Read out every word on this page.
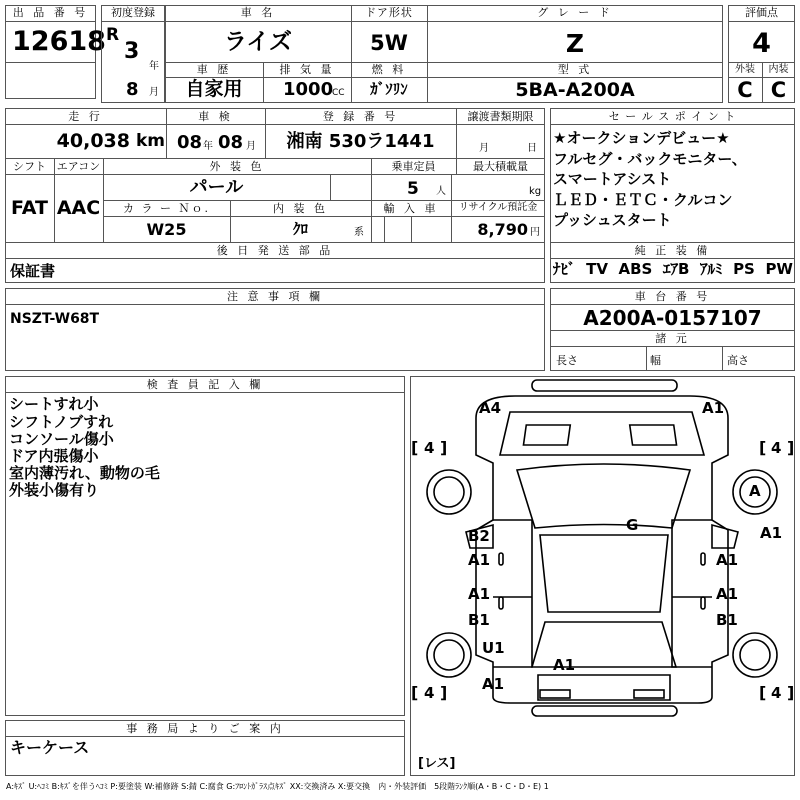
出 品 番 号
12618
初度登録
R
3
年
8 月
車 名
ライズ
ドア形状
5W
グ レ ー ド
Z
車 歴
自家用
排 気 量
1000
CC
燃 料
ｶﾞｿﾘﾝ
型 式
5BA-A200A
評価点
4
外装	内装
C C
走 行
40,038 km
車 検
08 年 08 月
登 録 番 号
湘南 530ラ1441
譲渡書類期限
月	日
シフト
FAT
エアコン
AAC
外 装 色
パール
乗車定員
5 人
最大積載量
kg
カ ラ ー Ｎｏ.
W25
内 装 色
ｸﾛ	系
輸 入 車	リサイクル預託金
8,790 円
後 日 発 送 部 品
保証書
セ ー ル ス ポ イ ン ト
★オークションデビュー★
フルセグ・バックモニター、
スマートアシスト
ＬＥＤ・ＥＴＣ・クルコン
プッシュスタート
純 正 装 備
ﾅﾋﾞ TV ABS ｴｱB ｱﾙﾐ PS PW
注 意 事 項 欄
NSZT-W68T
車 台 番 号
A200A-0157107
諸 元
長さ	幅	高さ
検 査 員 記 入 欄
シートすれ小
シフトノブすれ
コンソール傷小
ドア内張傷小
室内薄汚れ、動物の毛
外装小傷有り
事 務 局 よ り ご 案 内
キーケース
[ 4 ]	[ 4 ]
[ 4 ]	[ 4 ]
[レス]
A4	A1
A
G
B2	A1
A1	A1
A1	A1
B1	B1
U1
A1
A1
A:ｷｽﾞ U:ﾍｺﾐ B:ｷｽﾞを伴うﾍｺﾐ P:要塗装 W:補修跡 S:錆 C:腐食 G:ﾌﾛﾝﾄｶﾞﾗｽ点ｷｽﾞ XX:交換済み X:要交換　内・外装評価　5段階ﾗﾝｸ順(A・B・C・D・E) 1
